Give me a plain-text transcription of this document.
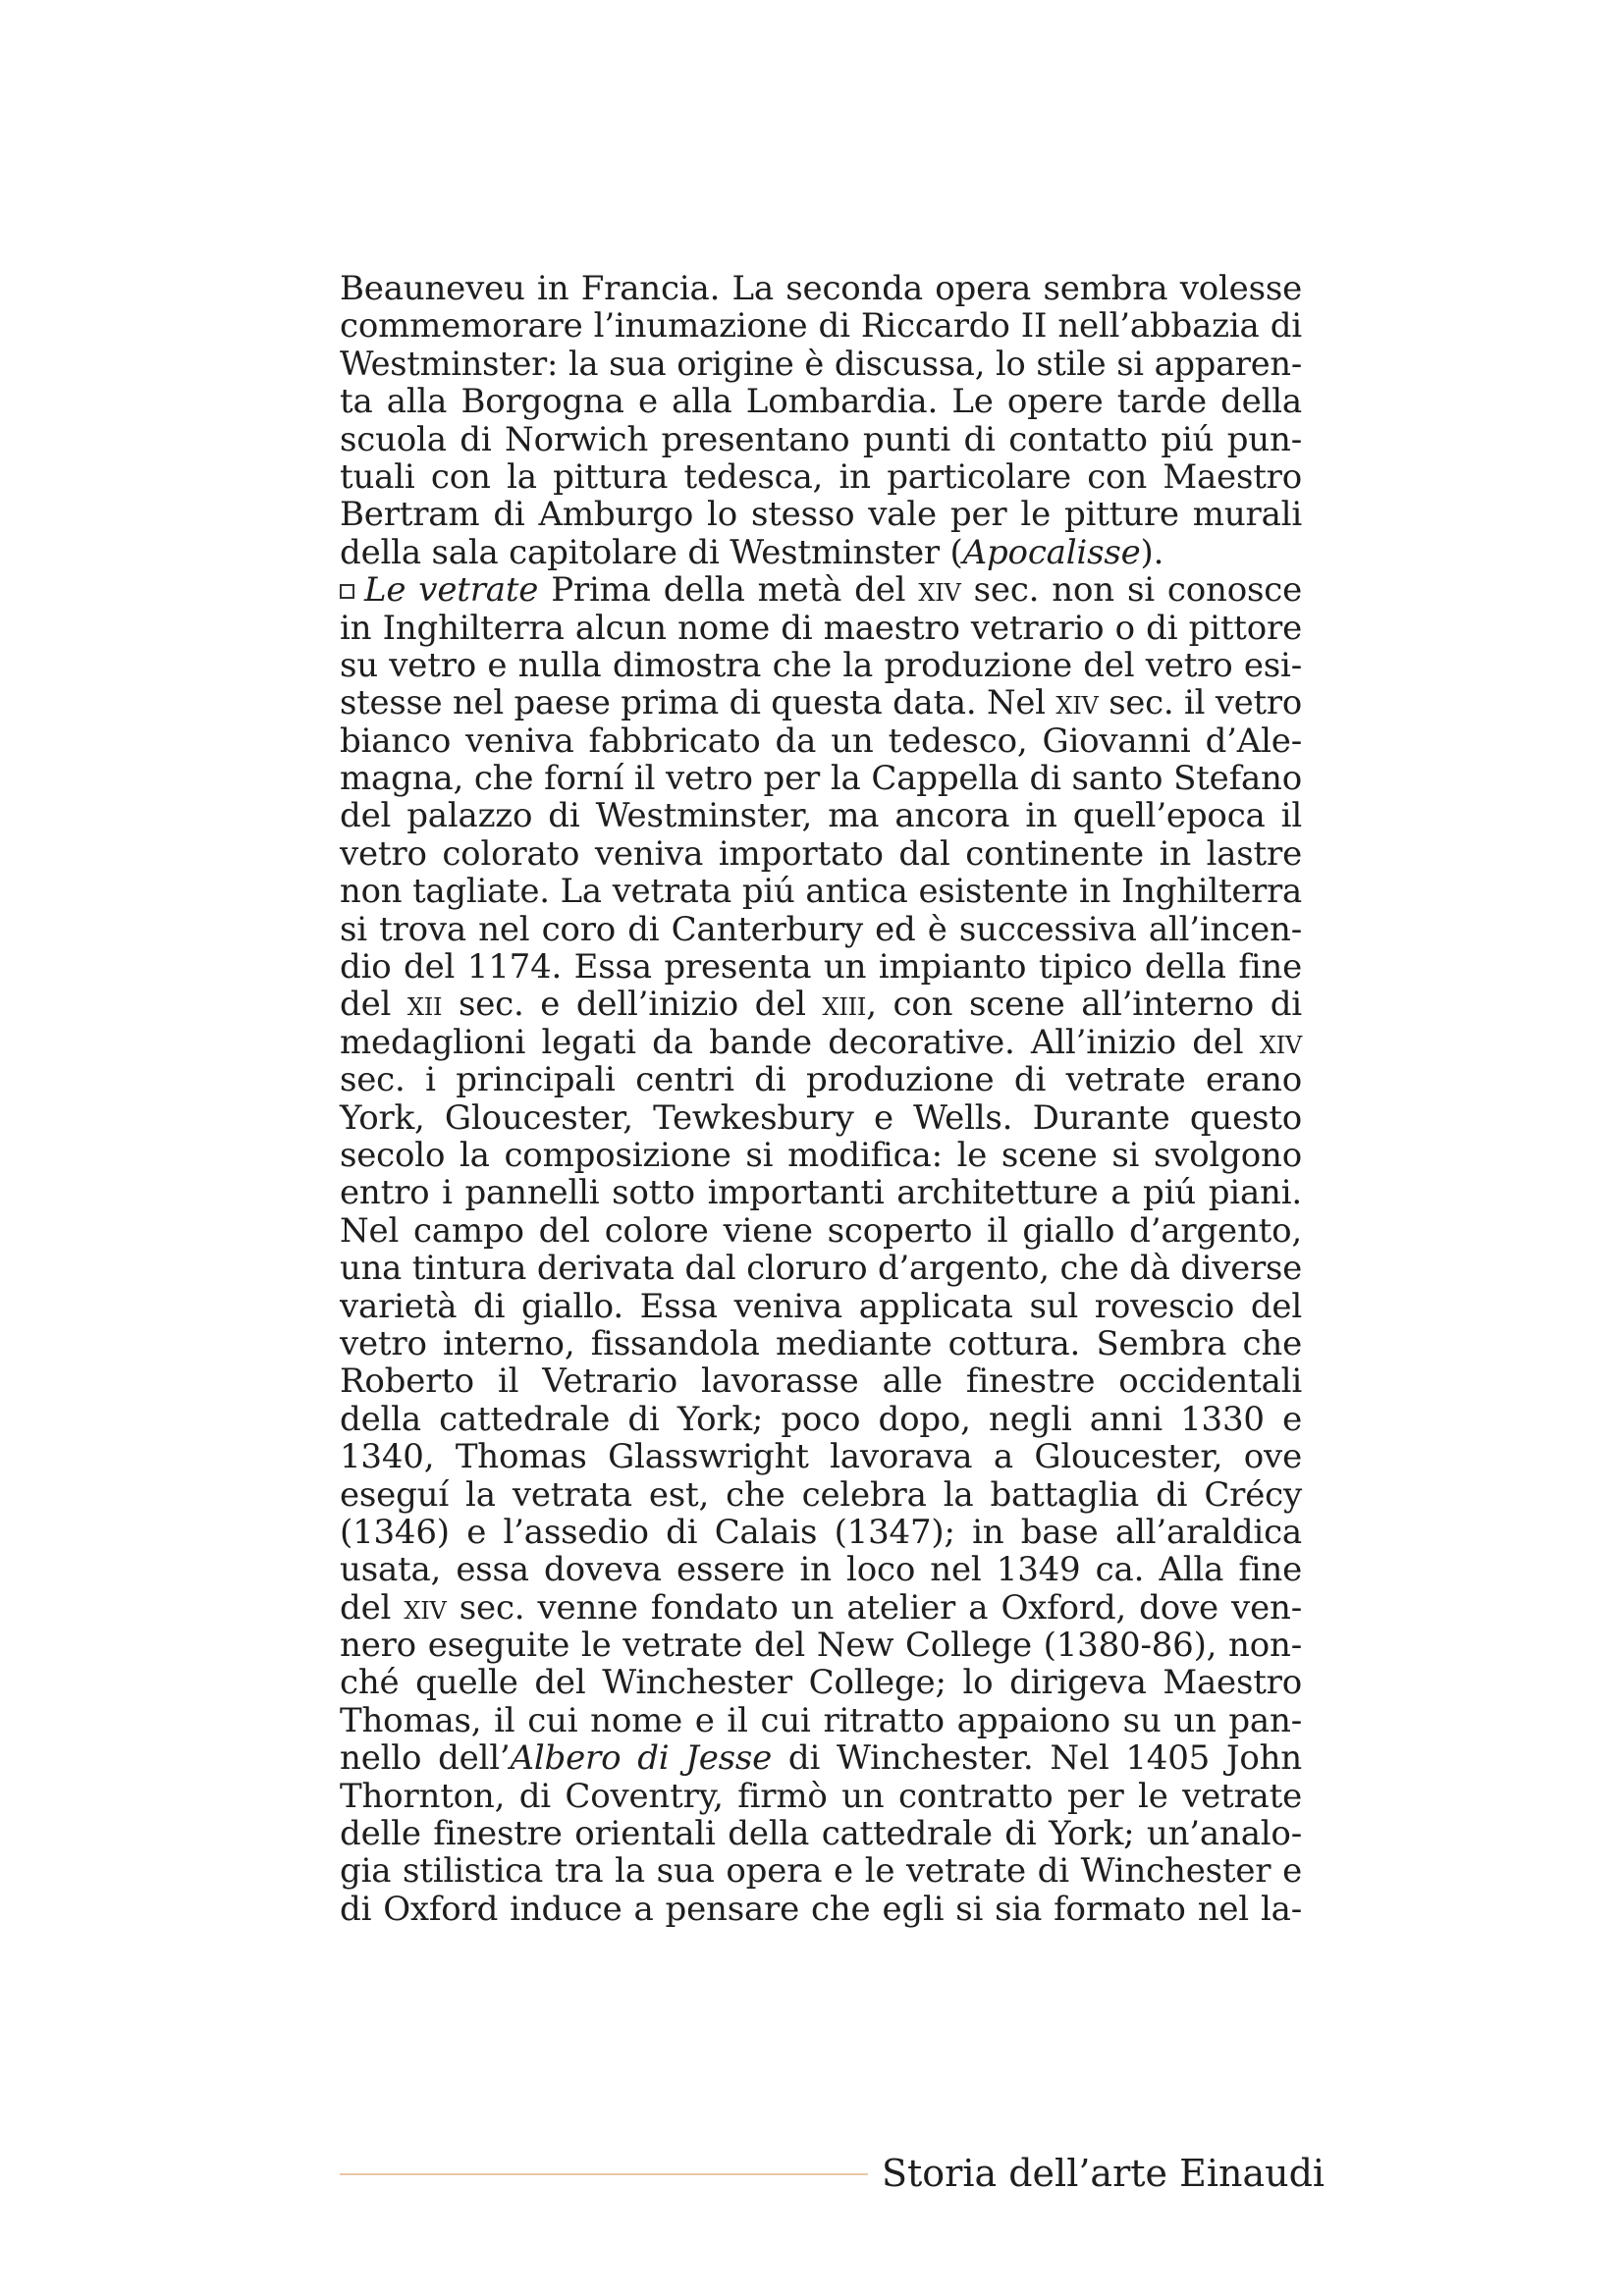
Beauneveu in Francia. La seconda opera sembra volesse
commemorare l’inumazione di Riccardo II nell’abbazia di
Westminster: la sua origine è discussa, lo stile si apparen-
ta alla Borgogna e alla Lombardia. Le opere tarde della
scuola di Norwich presentano punti di contatto piú pun-
tuali con la pittura tedesca, in particolare con Maestro
Bertram di Amburgo lo stesso vale per le pitture murali
della sala capitolare di Westminster (Apocalisse).
Le vetrate Prima della metà del xiv sec. non si conosce
in Inghilterra alcun nome di maestro vetrario o di pittore
su vetro e nulla dimostra che la produzione del vetro esi-
stesse nel paese prima di questa data. Nel xiv sec. il vetro
bianco veniva fabbricato da un tedesco, Giovanni d’Ale-
magna, che forní il vetro per la Cappella di santo Stefano
del palazzo di Westminster, ma ancora in quell’epoca il
vetro colorato veniva importato dal continente in lastre
non tagliate. La vetrata piú antica esistente in Inghilterra
si trova nel coro di Canterbury ed è successiva all’incen-
dio del 1174. Essa presenta un impianto tipico della fine
del xii sec. e dell’inizio del xiii, con scene all’interno di
medaglioni legati da bande decorative. All’inizio del xiv
sec. i principali centri di produzione di vetrate erano
York, Gloucester, Tewkesbury e Wells. Durante questo
secolo la composizione si modifica: le scene si svolgono
entro i pannelli sotto importanti architetture a piú piani.
Nel campo del colore viene scoperto il giallo d’argento,
una tintura derivata dal cloruro d’argento, che dà diverse
varietà di giallo. Essa veniva applicata sul rovescio del
vetro interno, fissandola mediante cottura. Sembra che
Roberto il Vetrario lavorasse alle finestre occidentali
della cattedrale di York; poco dopo, negli anni 1330 e
1340, Thomas Glasswright lavorava a Gloucester, ove
eseguí la vetrata est, che celebra la battaglia di Crécy
(1346) e l’assedio di Calais (1347); in base all’araldica
usata, essa doveva essere in loco nel 1349 ca. Alla fine
del xiv sec. venne fondato un atelier a Oxford, dove ven-
nero eseguite le vetrate del New College (1380-86), non-
ché quelle del Winchester College; lo dirigeva Maestro
Thomas, il cui nome e il cui ritratto appaiono su un pan-
nello dell’Albero di Jesse di Winchester. Nel 1405 John
Thornton, di Coventry, firmò un contratto per le vetrate
delle finestre orientali della cattedrale di York; un’analo-
gia stilistica tra la sua opera e le vetrate di Winchester e
di Oxford induce a pensare che egli si sia formato nel la-
Storia dell’arte Einaudi
